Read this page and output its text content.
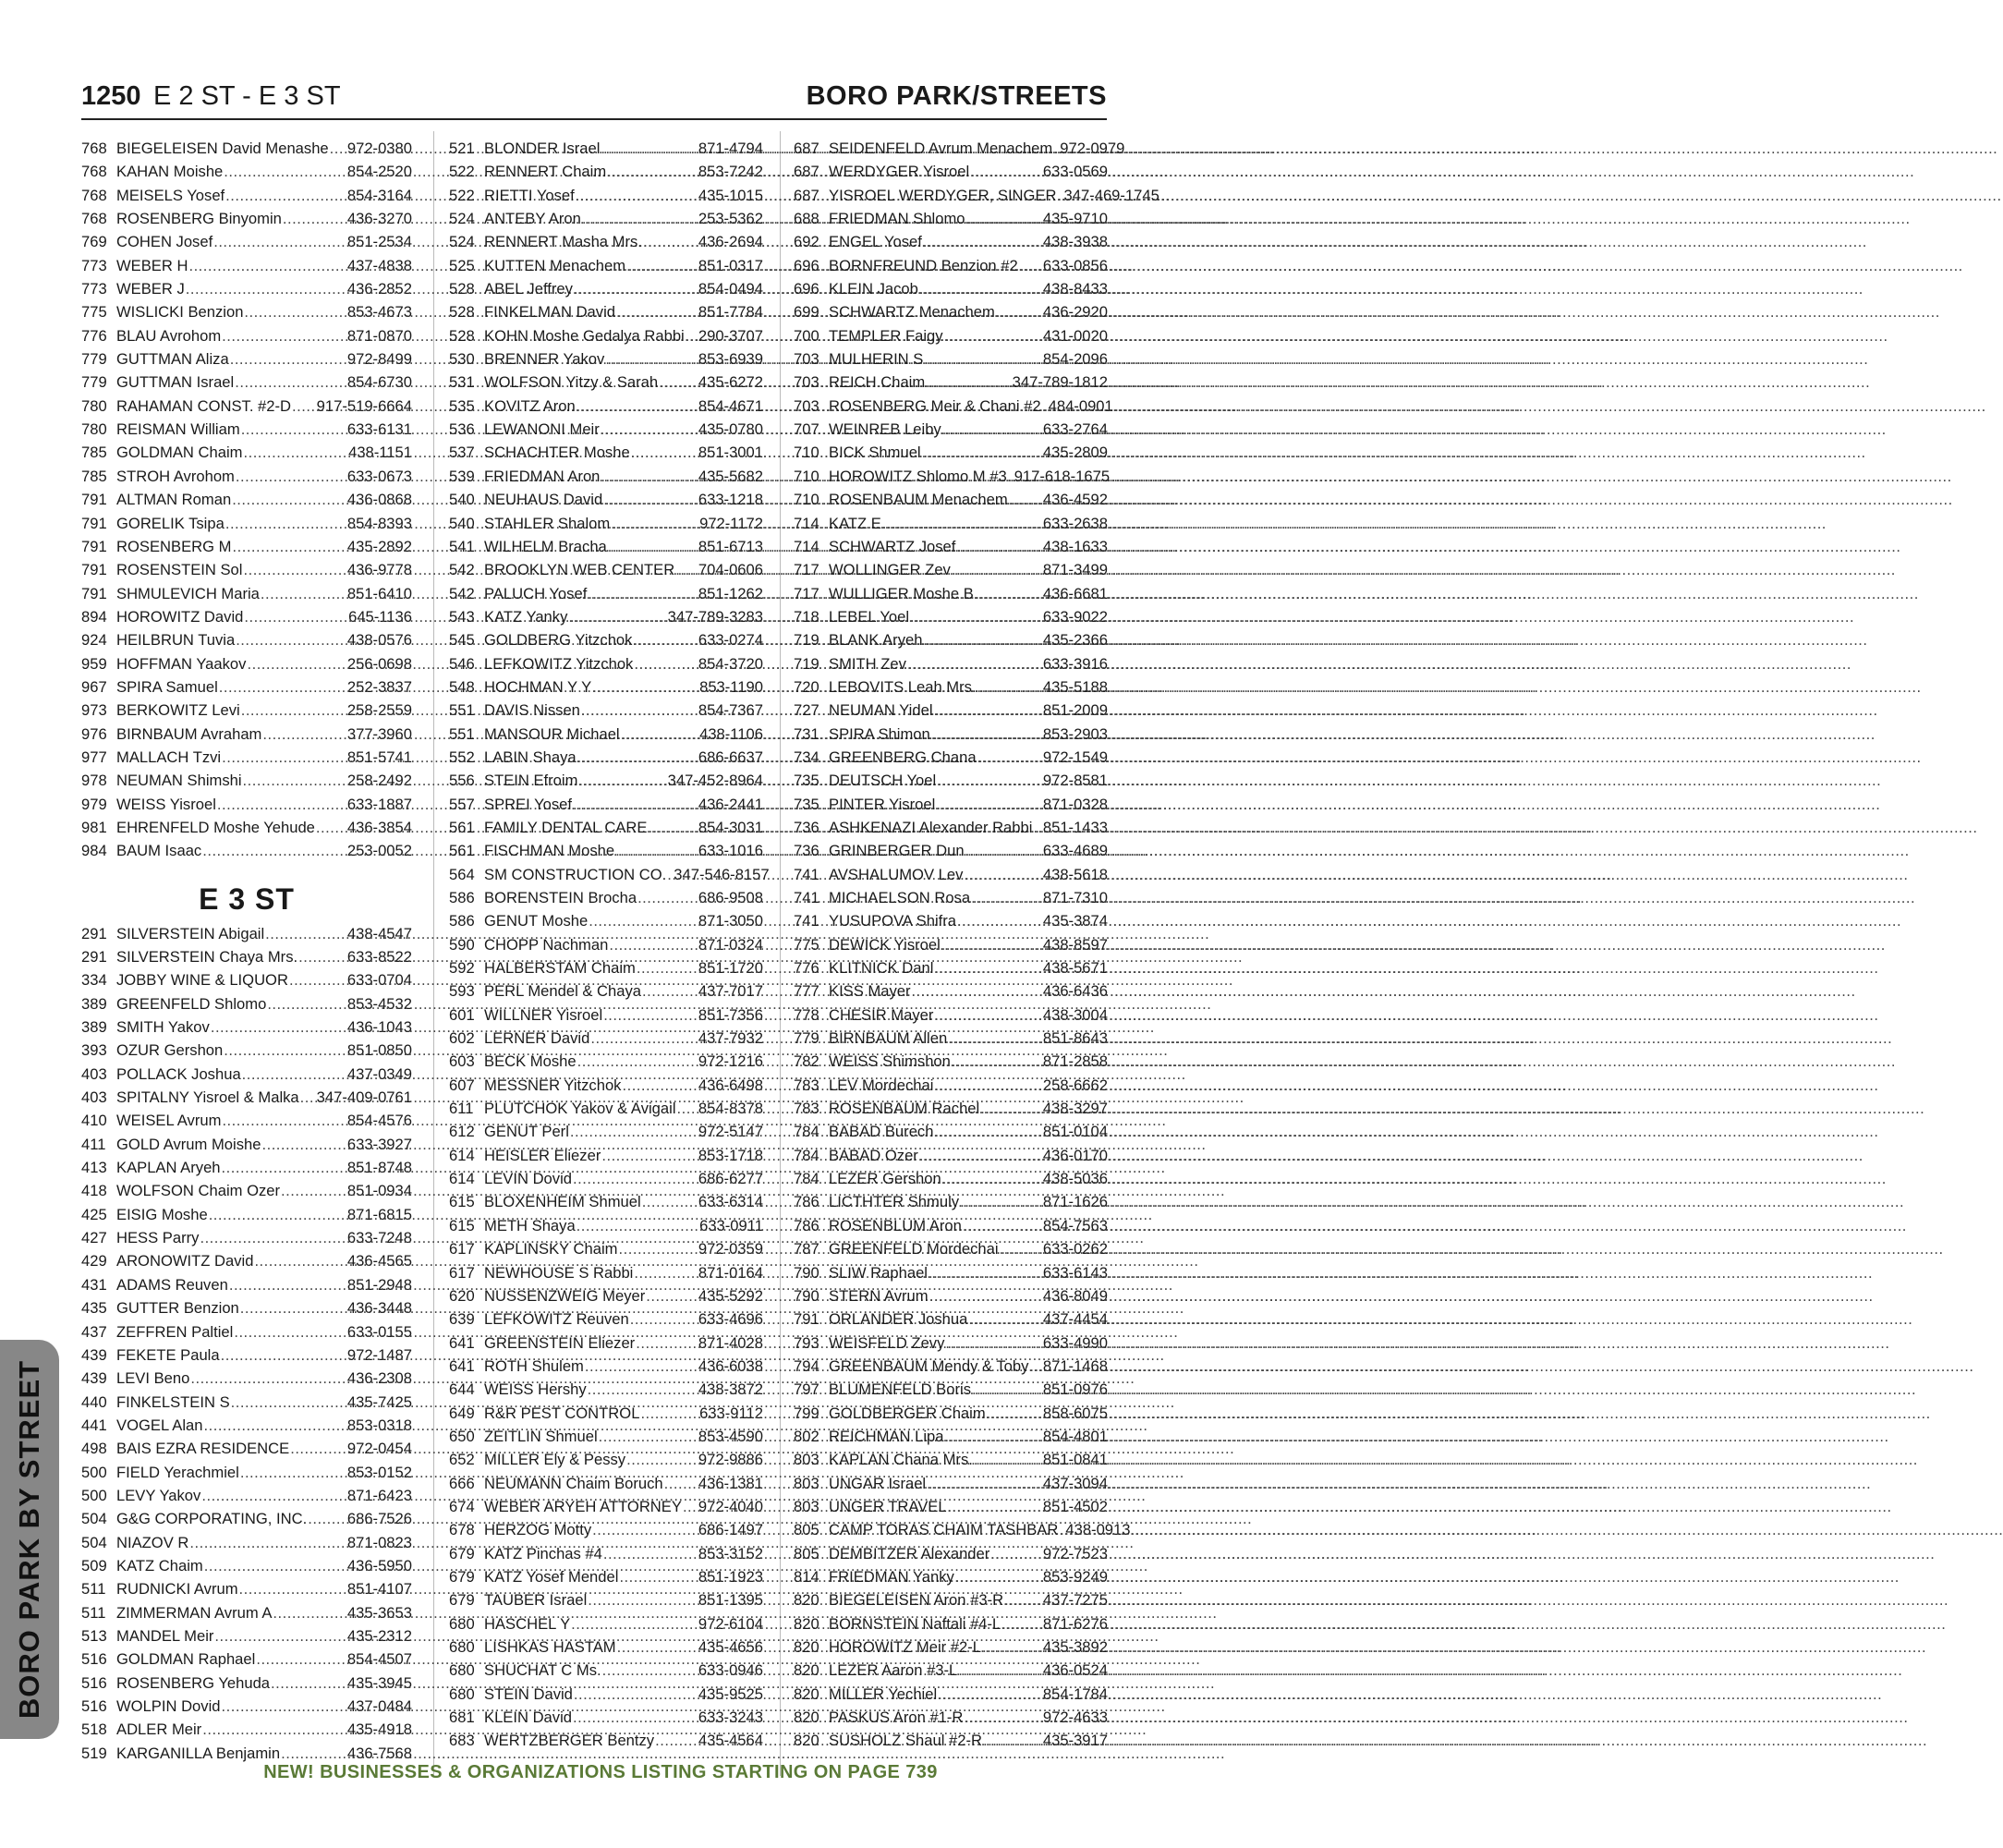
1250 E 2 ST - E 3 ST	BORO PARK/STREETS
768 BIEGELEISEN David Menashe ..... 972-0380
768 KAHAN Moishe .....	854-2520
768 MEISELS Yosef .....	854-3164
768 ROSENBERG Binyomin .....	436-3270
769 COHEN Josef .....	851-2534
773 WEBER H .....	437-4838
773 WEBER J .....	436-2852
775 WISLICKI Benzion .....	853-4673
776 BLAU Avrohom .....	871-0870
779 GUTTMAN Aliza .....	972-8499
779 GUTTMAN Israel .....	854-6730
780 RAHAMAN CONST. #2-D ..... 917-519-6664
780 REISMAN William .....	633-6131
785 GOLDMAN Chaim .....	438-1151
785 STROH Avrohom .....	633-0673
791 ALTMAN Roman .....	436-0868
791 GORELIK Tsipa .....	854-8393
791 ROSENBERG M .....	435-2892
791 ROSENSTEIN Sol .....	436-9778
791 SHMULEVICH Maria .....	851-6410
894 HOROWITZ David .....	645-1136
924 HEILBRUN Tuvia .....	438-0576
959 HOFFMAN Yaakov .....	256-0698
967 SPIRA Samuel .....	252-3837
973 BERKOWITZ Levi .....	258-2559
976 BIRNBAUM Avraham .....	377-3960
977 MALLACH Tzvi .....	851-5741
978 NEUMAN Shimshi .....	258-2492
979 WEISS Yisroel .....	633-1887
981 EHRENFELD Moshe Yehude ..... 436-3854
984 BAUM Isaac .....	253-0052
E 3 ST
291 SILVERSTEIN Abigail .....	438-4547
291 SILVERSTEIN Chaya Mrs. .....	633-8522
334 JOBBY WINE & LIQUOR .....	633-0704
389 GREENFELD Shlomo .....	853-4532
389 SMITH Yakov .....	436-1043
393 OZUR Gershon .....	851-0850
403 POLLACK Joshua .....	437-0349
403 SPITALNY Yisroel & Malka ..... 347-409-0761
410 WEISEL Avrum .....	854-4576
411 GOLD Avrum Moishe .....	633-3927
413 KAPLAN Aryeh .....	851-8748
418 WOLFSON Chaim Ozer .....	851-0934
425 EISIG Moshe .....	871-6815
427 HESS Parry .....	633-7248
429 ARONOWITZ David .....	436-4565
431 ADAMS Reuven .....	851-2948
435 GUTTER Benzion .....	436-3448
437 ZEFFREN Paltiel .....	633-0155
439 FEKETE Paula .....	972-1487
439 LEVI Beno .....	436-2308
440 FINKELSTEIN S .....	435-7425
441 VOGEL Alan .....	853-0318
498 BAIS EZRA RESIDENCE .....	972-0454
500 FIELD Yerachmiel .....	853-0152
500 LEVY Yakov .....	871-6423
504 G&G CORPORATING, INC. .....	686-7526
504 NIAZOV R .....	871-0823
509 KATZ Chaim .....	436-5950
511 RUDNICKI Avrum .....	851-4107
511 ZIMMERMAN Avrum A .....	435-3653
513 MANDEL Meir .....	435-2312
516 GOLDMAN Raphael .....	854-4507
516 ROSENBERG Yehuda .....	435-3945
516 WOLPIN Dovid .....	437-0484
518 ADLER Meir .....	435-4918
519 KARGANILLA Benjamin .....	436-7568
521 BLONDER Israel .....	871-4794
522 RENNERT Chaim .....	853-7242
522 RIETTI Yosef .....	435-1015
524 ANTEBY Aron .....	253-5362
524 RENNERT Masha Mrs. .....	436-2694
525 KUTTEN Menachem .....	851-0317
528 ABEL Jeffrey .....	854-0494
528 FINKELMAN David .....	851-7784
528 KOHN Moshe Gedalya Rabbi ..... 290-3707
530 BRENNER Yakov .....	853-6939
531 WOLFSON Yitzy & Sarah .....	435-6272
535 KOVITZ Aron .....	854-4671
536 LEWANONI Meir .....	435-0780
537 SCHACHTER Moshe .....	851-3001
539 FRIEDMAN Aron .....	435-5682
540 NEUHAUS David .....	633-1218
540 STAHLER Shalom .....	972-1172
541 WILHELM Bracha .....	851-6713
542 BROOKLYN WEB CENTER ..... 704-0606
542 PALUCH Yosef .....	851-1262
543 KATZ Yanky .....	347-789-3283
545 GOLDBERG Yitzchok .....	633-0274
546 LEFKOWITZ Yitzchok .....	854-3720
548 HOCHMAN Y Y .....	853-1190
551 DAVIS Nissen .....	854-7367
551 MANSOUR Michael .....	438-1106
552 LABIN Shaya .....	686-6637
556 STEIN Efroim .....	347-452-8964
557 SPREI Yosef .....	436-2441
561 FAMILY DENTAL CARE .....	854-3031
561 FISCHMAN Moshe .....	633-1016
564 SM CONSTRUCTION CO. ..... 347-546-8157
586 BORENSTEIN Brocha .....	686-9508
586 GENUT Moshe .....	871-3050
590 CHOPP Nachman .....	871-0324
592 HALBERSTAM Chaim .....	851-1720
593 PERL Mendel & Chaya .....	437-7017
601 WILLNER Yisroel .....	851-7356
602 LERNER David .....	437-7932
603 BECK Moshe .....	972-1216
607 MESSNER Yitzchok .....	436-6498
611 PLUTCHOK Yakov & Avigail ..... 854-8378
612 GENUT Perl .....	972-5147
614 HEISLER Eliezer .....	853-1718
614 LEVIN Dovid .....	686-6277
615 BLOXENHEIM Shmuel .....	633-6314
615 METH Shaya .....	633-0911
617 KAPLINSKY Chaim .....	972-0359
617 NEWHOUSE S Rabbi .....	871-0164
620 NUSSENZWEIG Meyer .....	435-5292
639 LEFKOWITZ Reuven .....	633-4696
641 GREENSTEIN Eliezer .....	871-4028
641 ROTH Shulem .....	436-6038
644 WEISS Hershy .....	438-3872
649 R&R PEST CONTROL .....	633-9112
650 ZEITLIN Shmuel .....	853-4590
652 MILLER Ely & Pessy .....	972-9886
666 NEUMANN Chaim Boruch ..... 436-1381
674 WEBER ARYEH ATTORNEY ..... 972-4040
678 HERZOG Motty .....	686-1497
679 KATZ Pinchas #4 .....	853-3152
679 KATZ Yosef Mendel .....	851-1923
679 TAUBER Israel .....	851-1395
680 HASCHEL Y .....	972-6104
680 LISHKAS HASTAM .....	435-4656
680 SHUCHAT C Ms. .....	633-0946
680 STEIN David .....	435-9525
681 KLEIN David .....	633-3243
683 WERTZBERGER Bentzy .....	435-4564
687 SEIDENFELD Avrum Menachem ..... 972-0979
687 WERDYGER Yisroel .....	633-0569
687 YISROEL WERDYGER, SINGER ..... 347-469-1745
688 FRIEDMAN Shlomo .....	435-9710
692 ENGEL Yosef .....	438-3938
696 BORNFREUND Benzion #2 ..... 633-0856
696 KLEIN Jacob .....	438-8433
699 SCHWARTZ Menachem .....	436-2920
700 TEMPLER Faigy .....	431-0020
703 MULHERIN S .....	854-2096
703 REICH Chaim .....	347-789-1812
703 ROSENBERG Meir & Chani #2 ..... 484-0901
707 WEINREB Leiby .....	633-2764
710 BICK Shmuel .....	435-2809
710 HOROWITZ Shlomo M #3 ..... 917-618-1675
710 ROSENBAUM Menachem ..... 436-4592
714 KATZ E .....	633-2638
714 SCHWARTZ Josef .....	438-1633
717 WOLLINGER Zev .....	871-3499
717 WULLIGER Moshe B .....	436-6681
718 LEBEL Yoel .....	633-9022
719 BLANK Aryeh .....	435-2366
719 SMITH Zev .....	633-3916
720 LEBOVITS Leah Mrs. .....	435-5188
727 NEUMAN Yidel .....	851-2009
731 SPIRA Shimon .....	853-2903
734 GREENBERG Chana .....	972-1549
735 DEUTSCH Yoel .....	972-8581
735 PINTER Yisroel .....	871-0328
736 ASHKENAZI Alexander Rabbi ..... 851-1433
736 GRINBERGER Dun .....	633-4689
741 AVSHALUMOV Lev .....	438-5618
741 MICHAELSON Rosa .....	871-7310
741 YUSUPOVA Shifra .....	435-3874
775 DEWICK Yisroel .....	438-8597
776 KLITNICK Danl .....	438-5671
777 KISS Mayer .....	436-6436
778 CHESIR Mayer .....	438-3004
779 BIRNBAUM Allen .....	851-8643
782 WEISS Shimshon .....	871-2858
783 LEV Mordechai .....	258-6662
783 ROSENBAUM Rachel .....	438-3297
784 BABAD Burech .....	851-0104
784 BABAD Ozer .....	436-0170
784 LEZER Gershon .....	438-5036
786 LICTHTER Shmuly .....	871-1626
786 ROSENBLUM Aron .....	854-7563
787 GREENFELD Mordechai .....	633-0262
790 SLIW Raphael .....	633-6143
790 STERN Avrum .....	436-8049
791 ORLANDER Joshua .....	437-4454
793 WEISFELD Zevy .....	633-4990
794 GREENBAUM Mendy & Toby ..... 871-1468
797 BLUMENFELD Boris .....	851-0976
799 GOLDBERGER Chaim .....	858-6075
802 REICHMAN Lipa .....	854-4801
803 KAPLAN Chana Mrs. .....	851-0841
803 UNGAR Israel .....	437-3094
803 UNGER TRAVEL .....	851-4502
805 CAMP TORAS CHAIM TASHBAR ..... 438-0913
805 DEMBITZER Alexander .....	972-7523
814 FRIEDMAN Yanky .....	853-9249
820 BIEGELEISEN Aron #3-R .....	437-7275
820 BORNSTEIN Naftali #4-L .....	871-6276
820 HOROWITZ Meir #2-L .....	435-3892
820 LEZER Aaron #3-L .....	436-0524
820 MILLER Yechiel .....	854-1784
820 PASKUS Aron #1-R .....	972-4633
820 SUSHOLZ Shaul #2-R .....	435-3917
BORO PARK BY STREET
NEW! BUSINESSES & ORGANIZATIONS LISTING STARTING ON PAGE 739
